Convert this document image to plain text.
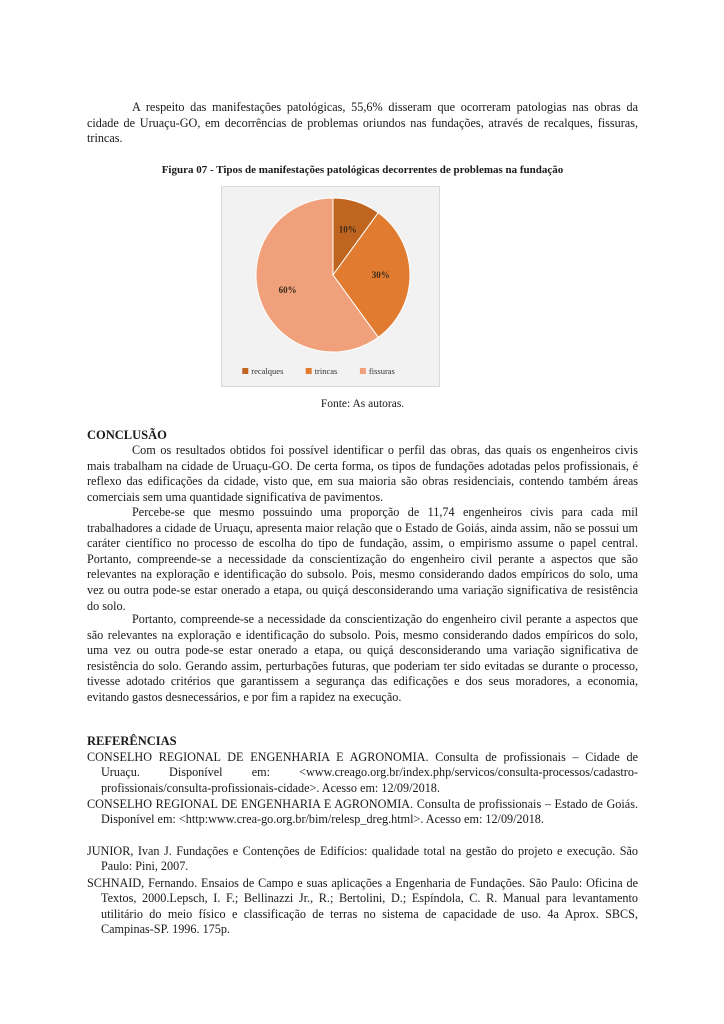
A respeito das manifestações patológicas, 55,6% disseram que ocorreram patologias nas obras da cidade de Uruaçu-GO, em decorrências de problemas oriundos nas fundações, através de recalques, fissuras, trincas.

Figura 07 - Tipos de manifestações patológicas decorrentes de problemas na fundação

10%
30%
60%
recalques	trincas	fissuras

Fonte: As autoras.

CONCLUSÃO

Com os resultados obtidos foi possível identificar o perfil das obras, das quais os engenheiros civis mais trabalham na cidade de Uruaçu-GO. De certa forma, os tipos de fundações adotadas pelos profissionais, é reflexo das edificações da cidade, visto que, em sua maioria são obras residenciais, contendo também áreas comerciais sem uma quantidade significativa de pavimentos.

Percebe-se que mesmo possuindo uma proporção de 11,74 engenheiros civis para cada mil trabalhadores a cidade de Uruaçu, apresenta maior relação que o Estado de Goiás, ainda assim, não se possui um caráter científico no processo de escolha do tipo de fundação, assim, o empirismo assume o papel central. Portanto, compreende-se a necessidade da conscientização do engenheiro civil perante a aspectos que são relevantes na exploração e identificação do subsolo. Pois, mesmo considerando dados empíricos do solo, uma vez ou outra pode-se estar onerado a etapa, ou quiçá desconsiderando uma variação significativa de resistência do solo.

Portanto, compreende-se a necessidade da conscientização do engenheiro civil perante a aspectos que são relevantes na exploração e identificação do subsolo. Pois, mesmo considerando dados empíricos do solo, uma vez ou outra pode-se estar onerado a etapa, ou quiçá desconsiderando uma variação significativa de resistência do solo. Gerando assim, perturbações futuras, que poderiam ter sido evitadas se durante o processo, tivesse adotado critérios que garantissem a segurança das edificações e dos seus moradores, a economia, evitando gastos desnecessários, e por fim a rapidez na execução.

REFERÊNCIAS

CONSELHO REGIONAL DE ENGENHARIA E AGRONOMIA. Consulta de profissionais – Cidade de Uruaçu. Disponível em: <www.creago.org.br/index.php/servicos/consulta-processos/cadastro-profissionais/consulta-profissionais-cidade>. Acesso em: 12/09/2018.

CONSELHO REGIONAL DE ENGENHARIA E AGRONOMIA. Consulta de profissionais – Estado de Goiás. Disponível em: <http:www.crea-go.org.br/bim/relesp_dreg.html>. Acesso em: 12/09/2018.

JUNIOR, Ivan J. Fundações e Contenções de Edifícios: qualidade total na gestão do projeto e execução. São Paulo: Pini, 2007.

SCHNAID, Fernando. Ensaios de Campo e suas aplicações a Engenharia de Fundações. São Paulo: Oficina de Textos, 2000.Lepsch, I. F.; Bellinazzi Jr., R.; Bertolini, D.; Espíndola, C. R. Manual para levantamento utilitário do meio físico e classificação de terras no sistema de capacidade de uso. 4a Aprox. SBCS, Campinas-SP. 1996. 175p.
